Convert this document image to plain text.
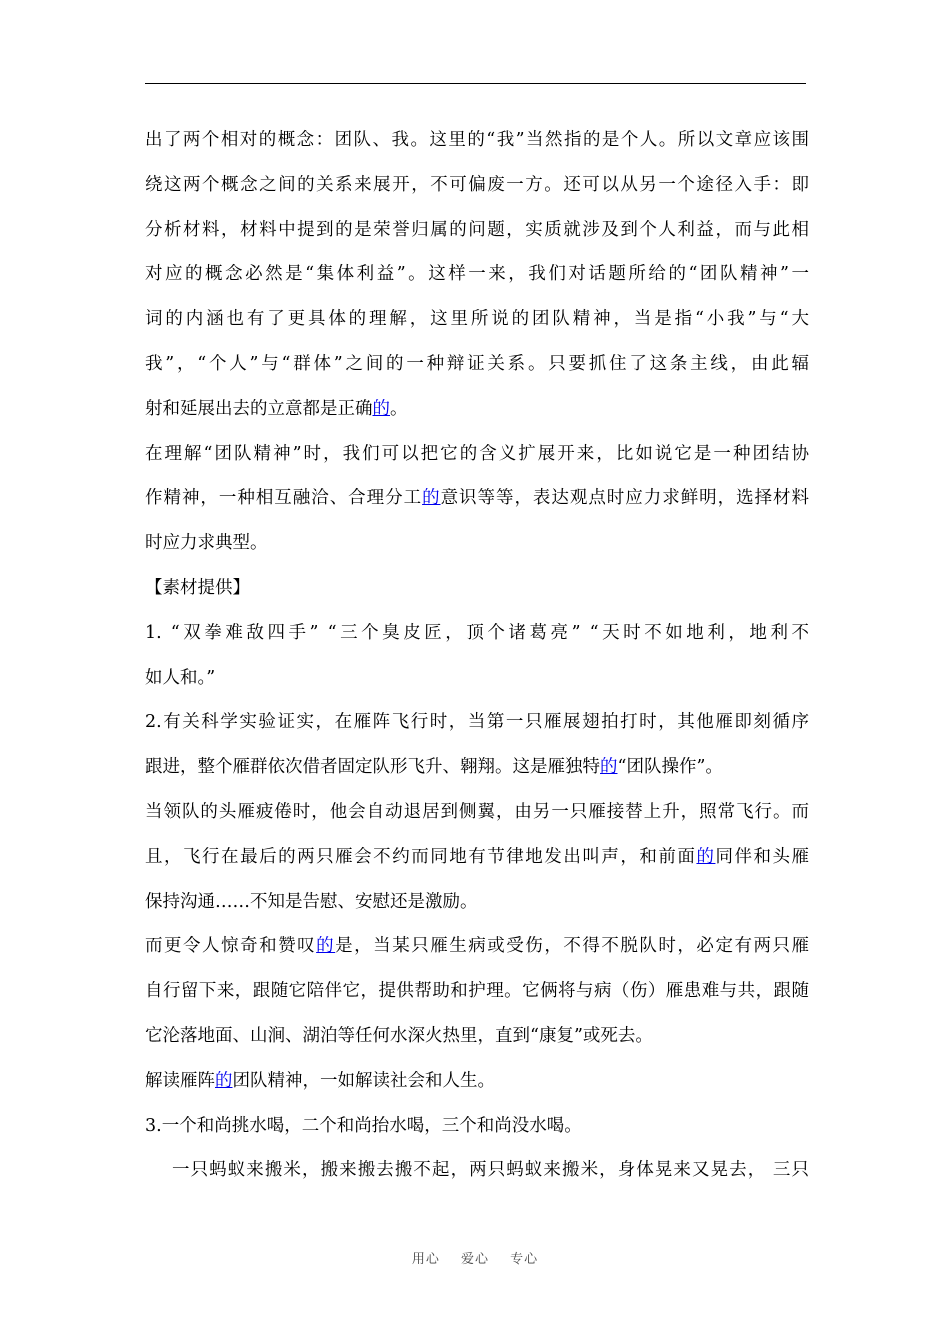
出了两个相对的概念：团队、我。这里的“我”当然指的是个人。所以文章应该围
绕这两个概念之间的关系来展开，不可偏废一方。还可以从另一个途径入手：即
分析材料，材料中提到的是荣誉归属的问题，实质就涉及到个人利益，而与此相
对应的概念必然是“集体利益”。这样一来，我们对话题所给的“团队精神”一
词的内涵也有了更具体的理解，这里所说的团队精神，当是指“小我”与“大
我”，“个人”与“群体”之间的一种辩证关系。只要抓住了这条主线，由此辐
射和延展出去的立意都是正确的。
在理解“团队精神”时，我们可以把它的含义扩展开来，比如说它是一种团结协
作精神，一种相互融洽、合理分工的意识等等，表达观点时应力求鲜明，选择材料
时应力求典型。
【素材提供】
1. “双拳难敌四手” “三个臭皮匠，顶个诸葛亮” “天时不如地利，地利不
如人和。”
2.有关科学实验证实，在雁阵飞行时，当第一只雁展翅拍打时，其他雁即刻循序
跟进，整个雁群依次借者固定队形飞升、翱翔。这是雁独特的“团队操作”。
当领队的头雁疲倦时，他会自动退居到侧翼，由另一只雁接替上升，照常飞行。而
且，飞行在最后的两只雁会不约而同地有节律地发出叫声，和前面的同伴和头雁
保持沟通……不知是告慰、安慰还是激励。
而更令人惊奇和赞叹的是，当某只雁生病或受伤，不得不脱队时，必定有两只雁
自行留下来，跟随它陪伴它，提供帮助和护理。它俩将与病（伤）雁患难与共，跟随
它沦落地面、山涧、湖泊等任何水深火热里，直到“康复”或死去。
解读雁阵的团队精神，一如解读社会和人生。
3.一个和尚挑水喝，二个和尚抬水喝，三个和尚没水喝。
一只蚂蚁来搬米，搬来搬去搬不起，两只蚂蚁来搬米，身体晃来又晃去， 三只
用心 爱心 专心
